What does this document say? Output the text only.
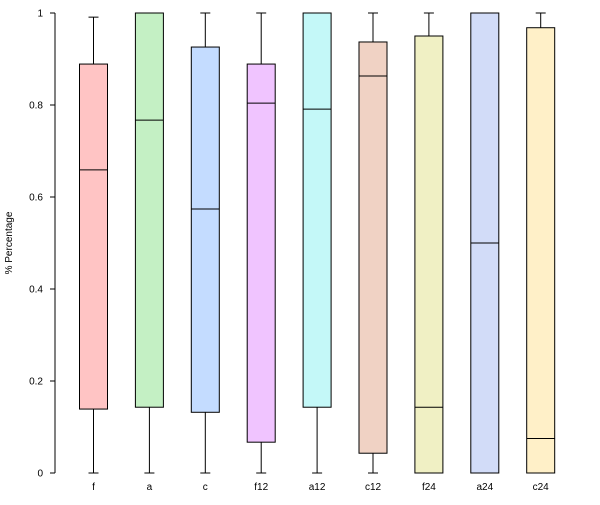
0
0.2
0.4
0.6
0.8
1
f	a	c	f12	a12	c12	f24	a24	c24
% Percentage
